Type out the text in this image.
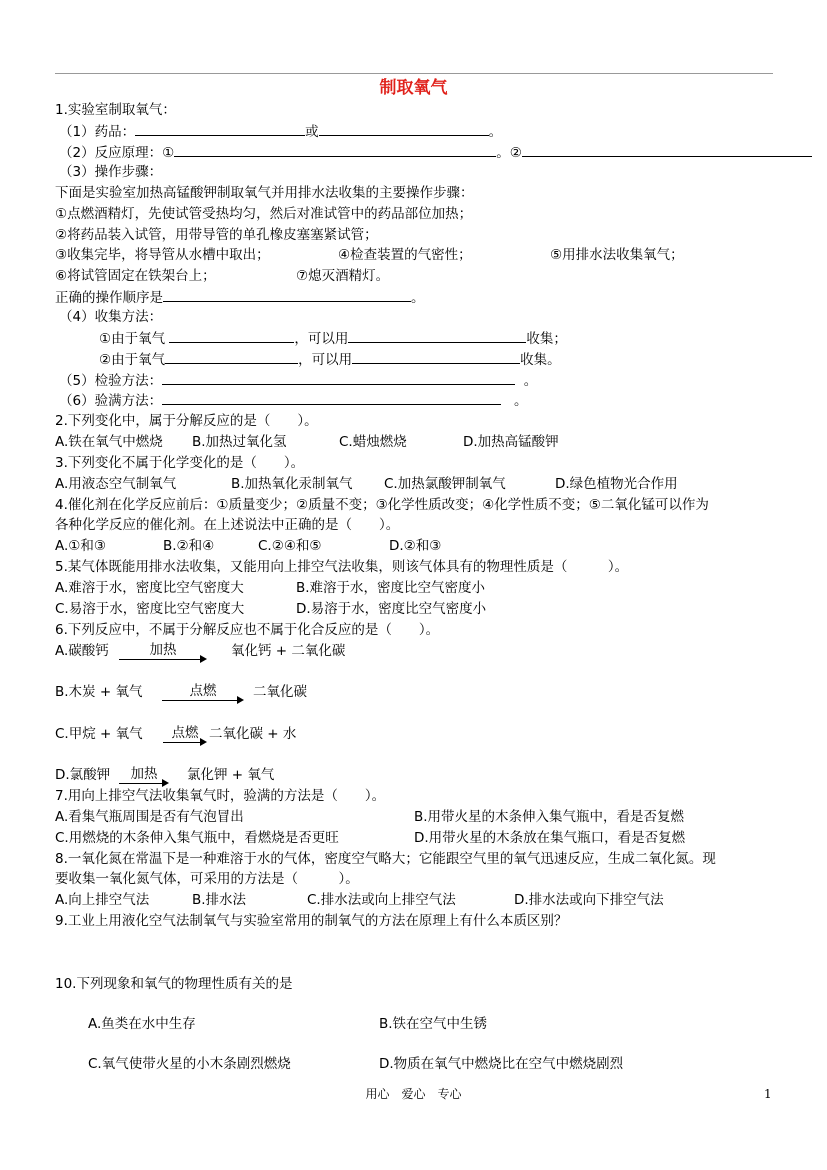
制取氧气
1.实验室制取氧气：
（1）药品：	或	。
（2）反应原理：①	。②
（3）操作步骤：
下面是实验室加热高锰酸钾制取氧气并用排水法收集的主要操作步骤：
①点燃酒精灯，先使试管受热均匀，然后对准试管中的药品部位加热；
②将药品装入试管，用带导管的单孔橡皮塞塞紧试管；
③收集完毕，将导管从水槽中取出；	④检查装置的气密性；	⑤用排水法收集氧气；
⑥将试管固定在铁架台上；	⑦熄灭酒精灯。
正确的操作顺序是	。
（4）收集方法：
①由于氧气	，可以用	收集；
②由于氧气	，可以用	收集。
（5）检验方法：	。
（6）验满方法：	。
2.下列变化中，属于分解反应的是（　　）。
A.铁在氧气中燃烧 B.加热过氧化氢	C.蜡烛燃烧	D.加热高锰酸钾
3.下列变化不属于化学变化的是（　　）。
A.用液态空气制氧气	B.加热氧化汞制氧气 C.加热氯酸钾制氧气	D.绿色植物光合作用
4.催化剂在化学反应前后：①质量变少；②质量不变；③化学性质改变；④化学性质不变；⑤二氧化锰可以作为
各种化学反应的催化剂。在上述说法中正确的是（　　）。
A.①和③	B.②和④	C.②④和⑤	D.②和③
5.某气体既能用排水法收集，又能用向上排空气法收集，则该气体具有的物理性质是（　　　）。
A.难溶于水，密度比空气密度大	B.难溶于水，密度比空气密度小
C.易溶于水，密度比空气密度大	D.易溶于水，密度比空气密度小
6.下列反应中，不属于分解反应也不属于化合反应的是（　　）。
A.碳酸钙	加热	氧化钙 + 二氧化碳
B.木炭 + 氧气	点燃	二氧化碳
C.甲烷 + 氧气	点燃 二氧化碳 + 水
D.氯酸钾	加热	氯化钾 + 氧气
7.用向上排空气法收集氧气时，验满的方法是（　　）。
A.看集气瓶周围是否有气泡冒出	B.用带火星的木条伸入集气瓶中，看是否复燃
C.用燃烧的木条伸入集气瓶中，看燃烧是否更旺	D.用带火星的木条放在集气瓶口，看是否复燃
8.一氧化氮在常温下是一种难溶于水的气体，密度空气略大；它能跟空气里的氧气迅速反应，生成二氧化氮。现
要收集一氧化氮气体，可采用的方法是（　　　）。
A.向上排空气法	B.排水法	C.排水法或向上排空气法	D.排水法或向下排空气法
9.工业上用液化空气法制氧气与实验室常用的制氧气的方法在原理上有什么本质区别？
10.下列现象和氧气的物理性质有关的是
A.鱼类在水中生存	B.铁在空气中生锈
C.氧气使带火星的小木条剧烈燃烧	D.物质在氧气中燃烧比在空气中燃烧剧烈
用心　爱心　专心	1
